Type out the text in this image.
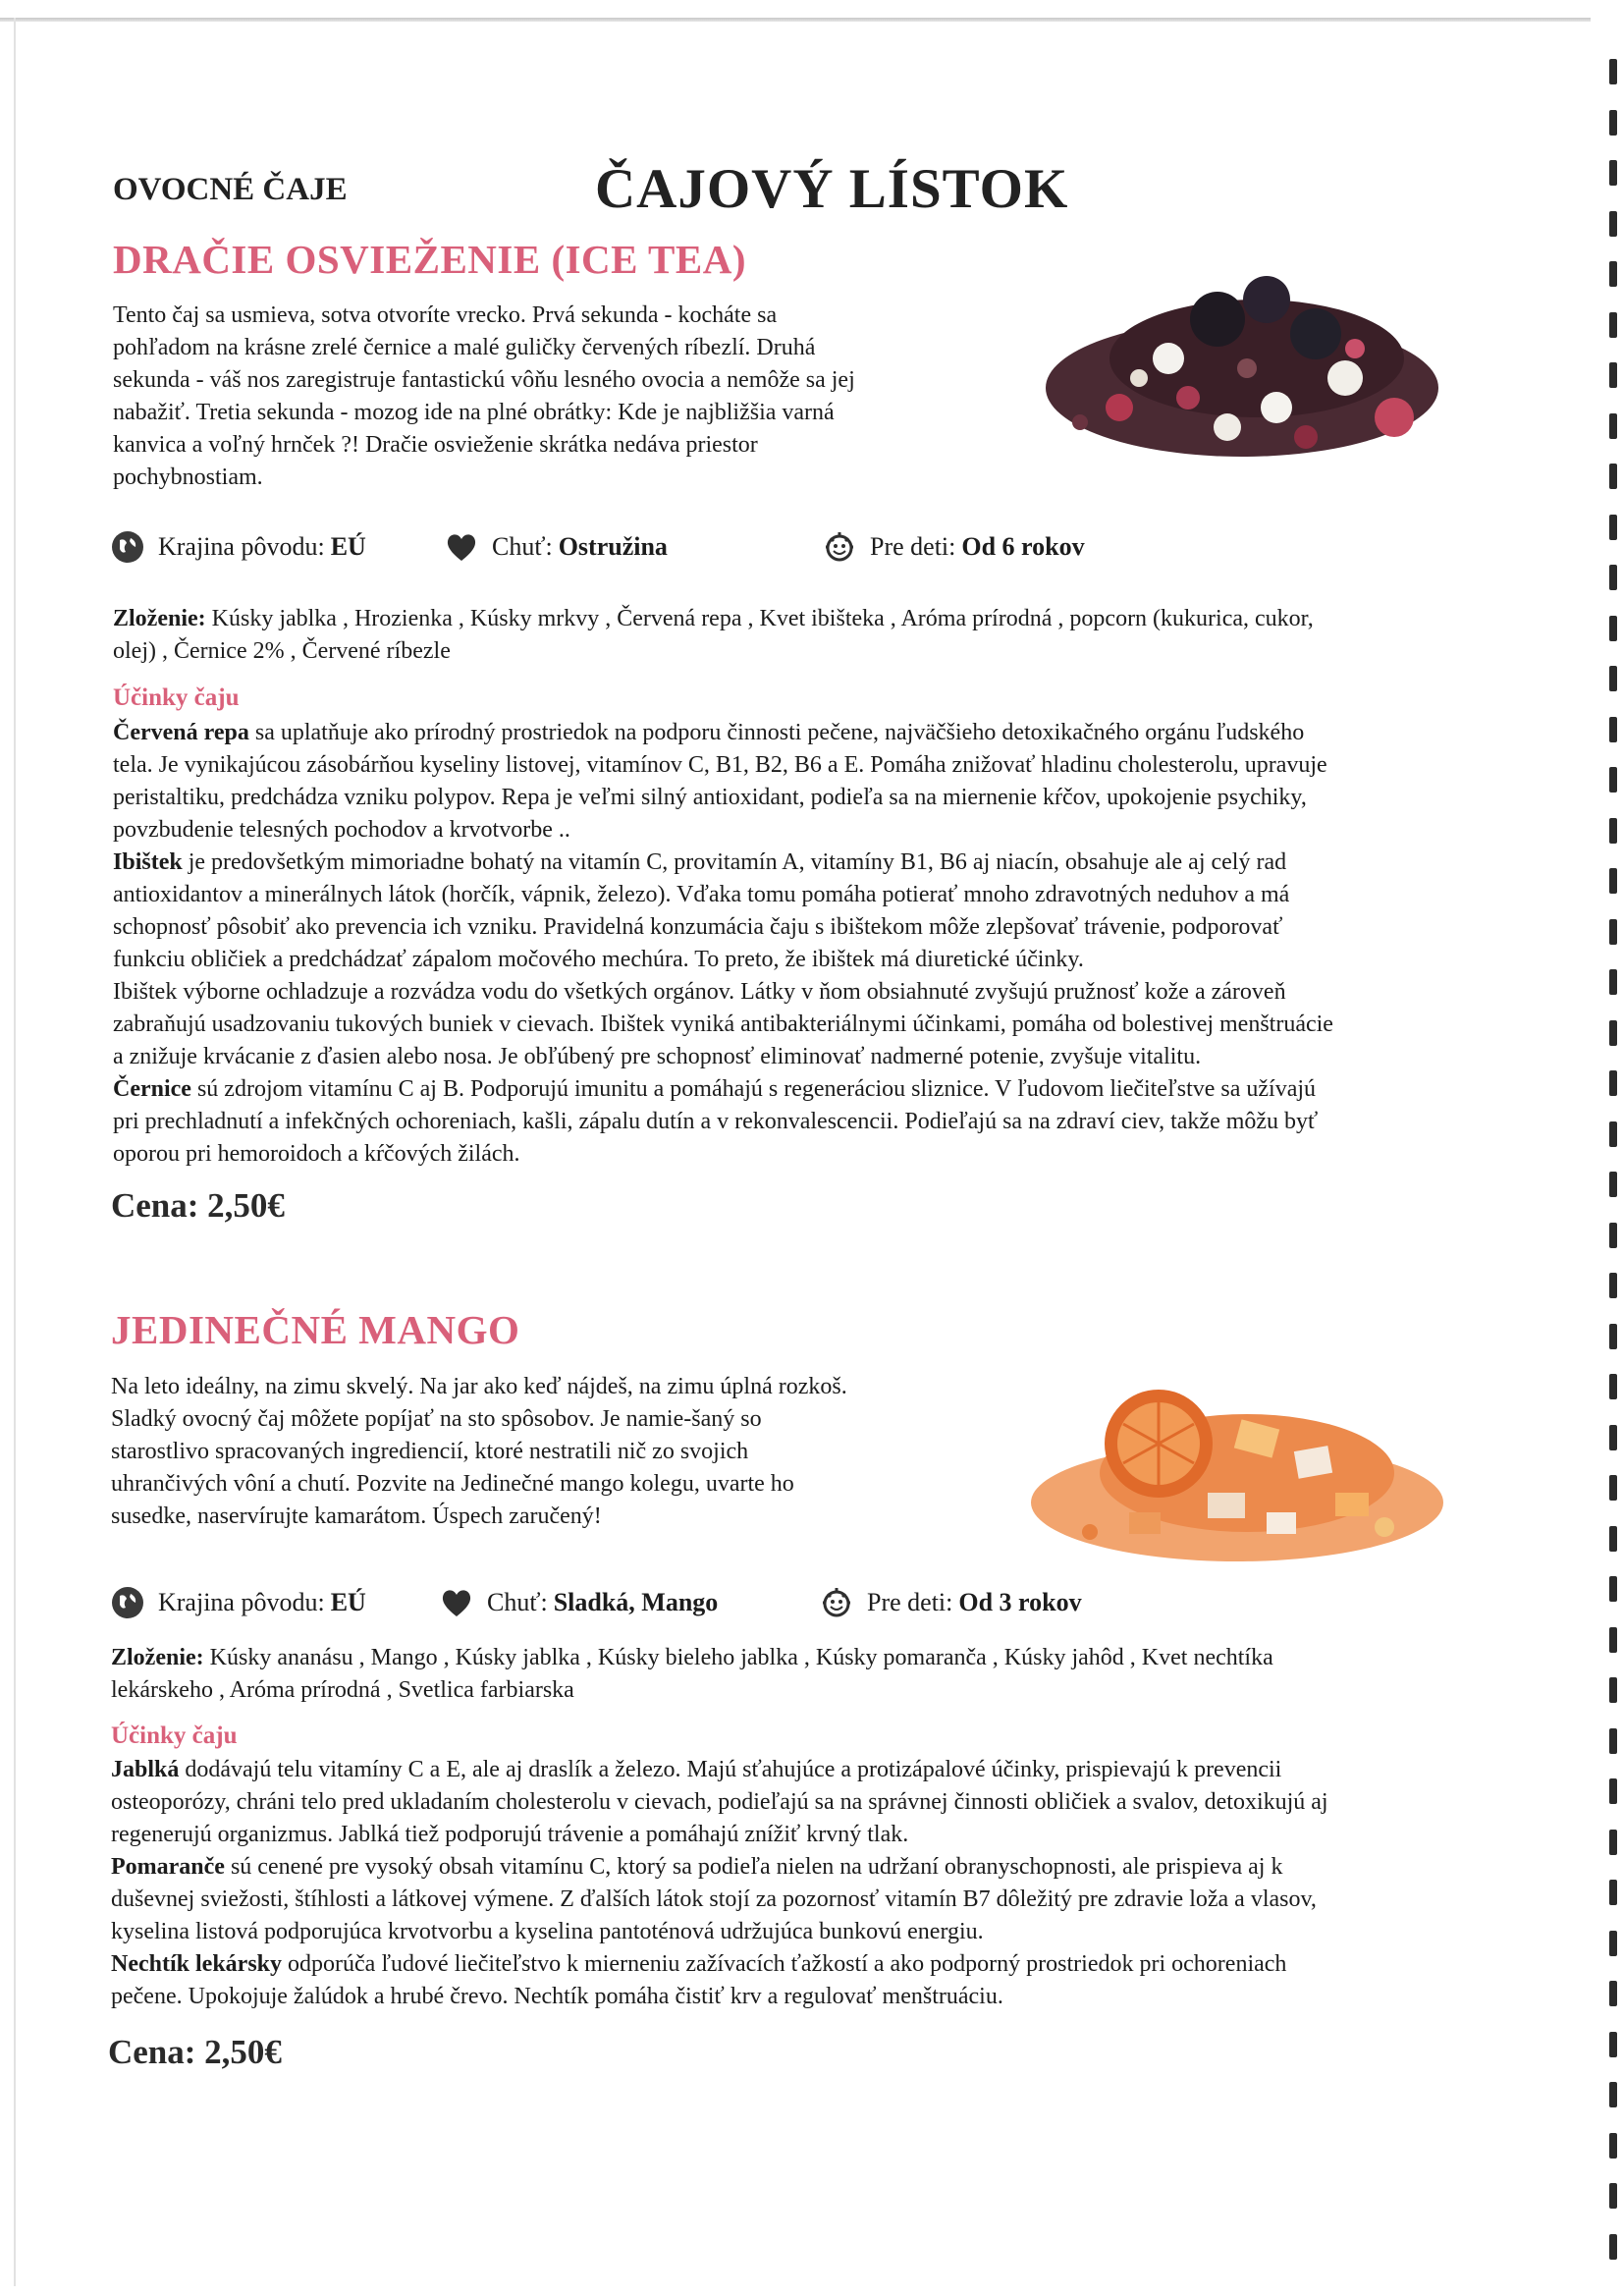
OVOCNÉ ČAJE	ČAJOVÝ LÍSTOK
DRAČIE OSVIEŽENIE (ICE TEA)
Tento čaj sa usmieva, sotva otvoríte vrecko. Prvá sekunda - kocháte sa
pohľadom na krásne zrelé černice a malé guličky červených ríbezlí. Druhá
sekunda - váš nos zaregistruje fantastickú vôňu lesného ovocia a nemôže sa jej
nabažiť. Tretia sekunda - mozog ide na plné obrátky: Kde je najbližšia varná
kanvica a voľný hrnček ?! Dračie osvieženie skrátka nedáva priestor
pochybnostiam.
Krajina pôvodu: EÚ	Chuť: Ostružina	Pre deti: Od 6 rokov
Zloženie: Kúsky jablka , Hrozienka , Kúsky mrkvy , Červená repa , Kvet ibišteka , Aróma prírodná , popcorn (kukurica, cukor,
olej) , Černice 2% , Červené ríbezle
Účinky čaju
Červená repa sa uplatňuje ako prírodný prostriedok na podporu činnosti pečene, najväčšieho detoxikačného orgánu ľudského
tela. Je vynikajúcou zásobárňou kyseliny listovej, vitamínov C, B1, B2, B6 a E. Pomáha znižovať hladinu cholesterolu, upravuje
peristaltiku, predchádza vzniku polypov. Repa je veľmi silný antioxidant, podieľa sa na miernenie kŕčov, upokojenie psychiky,
povzbudenie telesných pochodov a krvotvorbe ..
Ibištek je predovšetkým mimoriadne bohatý na vitamín C, provitamín A, vitamíny B1, B6 aj niacín, obsahuje ale aj celý rad
antioxidantov a minerálnych látok (horčík, vápnik, železo). Vďaka tomu pomáha potierať mnoho zdravotných neduhov a má
schopnosť pôsobiť ako prevencia ich vzniku. Pravidelná konzumácia čaju s ibištekom môže zlepšovať trávenie, podporovať
funkciu obličiek a predchádzať zápalom močového mechúra. To preto, že ibištek má diuretické účinky.
Ibištek výborne ochladzuje a rozvádza vodu do všetkých orgánov. Látky v ňom obsiahnuté zvyšujú pružnosť kože a zároveň
zabraňujú usadzovaniu tukových buniek v cievach. Ibištek vyniká antibakteriálnymi účinkami, pomáha od bolestivej menštruácie
a znižuje krvácanie z ďasien alebo nosa. Je obľúbený pre schopnosť eliminovať nadmerné potenie, zvyšuje vitalitu.
Černice sú zdrojom vitamínu C aj B. Podporujú imunitu a pomáhajú s regeneráciou sliznice. V ľudovom liečiteľstve sa užívajú
pri prechladnutí a infekčných ochoreniach, kašli, zápalu dutín a v rekonvalescencii. Podieľajú sa na zdraví ciev, takže môžu byť
oporou pri hemoroidoch a kŕčových žilách.
Cena: 2,50€
JEDINEČNÉ MANGO
Na leto ideálny, na zimu skvelý. Na jar ako keď nájdeš, na zimu úplná rozkoš.
Sladký ovocný čaj môžete popíjať na sto spôsobov. Je namie-šaný so
starostlivo spracovaných ingrediencií, ktoré nestratili nič zo svojich
uhrančivých vôní a chutí. Pozvite na Jedinečné mango kolegu, uvarte ho
susedke, naservírujte kamarátom. Úspech zaručený!
Krajina pôvodu: EÚ	Chuť: Sladká, Mango	Pre deti: Od 3 rokov
Zloženie: Kúsky ananásu , Mango , Kúsky jablka , Kúsky bieleho jablka , Kúsky pomaranča , Kúsky jahôd , Kvet nechtíka
lekárskeho , Aróma prírodná , Svetlica farbiarska
Účinky čaju
Jablká dodávajú telu vitamíny C a E, ale aj draslík a železo. Majú sťahujúce a protizápalové účinky, prispievajú k prevencii
osteoporózy, chráni telo pred ukladaním cholesterolu v cievach, podieľajú sa na správnej činnosti obličiek a svalov, detoxikujú aj
regenerujú organizmus. Jablká tiež podporujú trávenie a pomáhajú znížiť krvný tlak.
Pomaranče sú cenené pre vysoký obsah vitamínu C, ktorý sa podieľa nielen na udržaní obranyschopnosti, ale prispieva aj k
duševnej sviežosti, štíhlosti a látkovej výmene. Z ďalších látok stojí za pozornosť vitamín B7 dôležitý pre zdravie loža a vlasov,
kyselina listová podporujúca krvotvorbu a kyselina pantoténová udržujúca bunkovú energiu.
Nechtík lekársky odporúča ľudové liečiteľstvo k mierneniu zažívacích ťažkostí a ako podporný prostriedok pri ochoreniach
pečene. Upokojuje žalúdok a hrubé črevo. Nechtík pomáha čistiť krv a regulovať menštruáciu.
Cena: 2,50€
